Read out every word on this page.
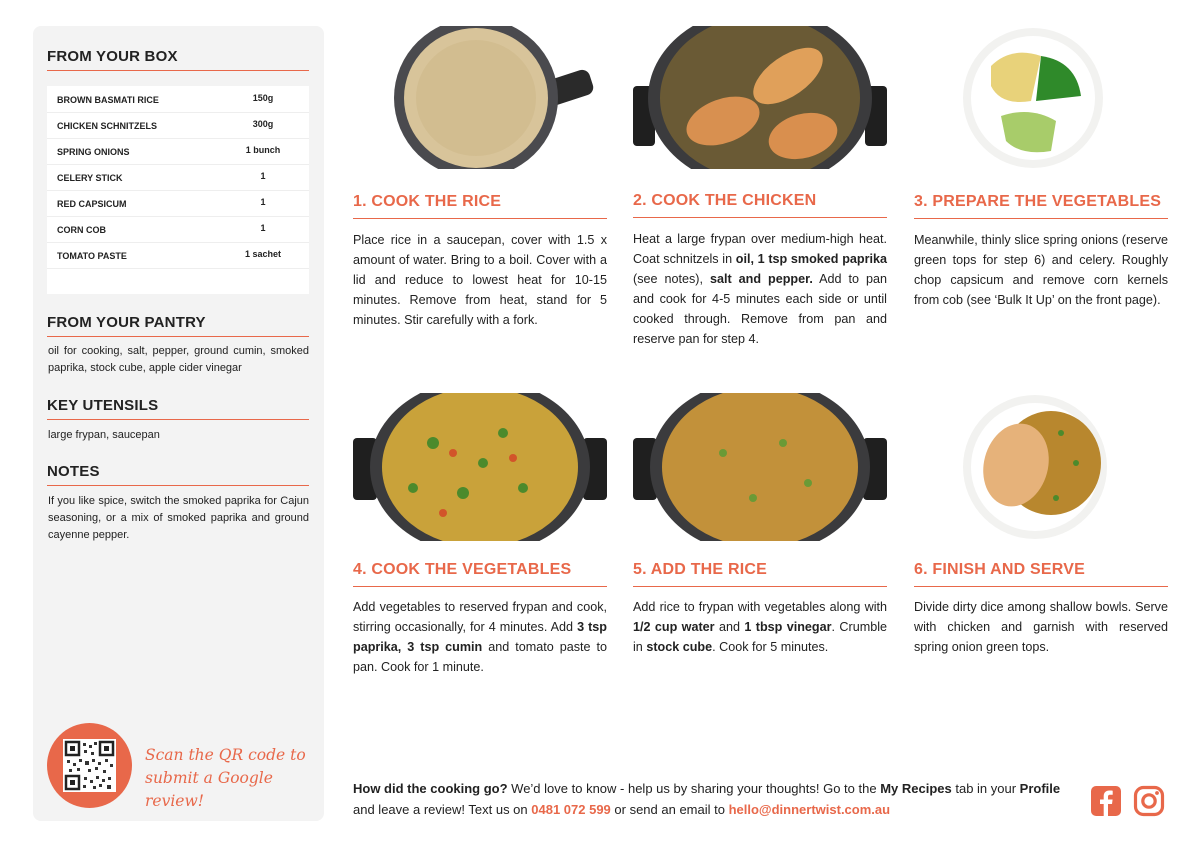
FROM YOUR BOX
BROWN BASMATI RICE	150g
CHICKEN SCHNITZELS	300g
SPRING ONIONS	1 bunch
CELERY STICK	1
RED CAPSICUM	1
CORN COB	1
TOMATO PASTE	1 sachet
FROM YOUR PANTRY
oil for cooking, salt, pepper, ground cumin, smoked paprika, stock cube, apple cider vinegar
KEY UTENSILS
large frypan, saucepan
NOTES
If you like spice, switch the smoked paprika for Cajun seasoning, or a mix of smoked paprika and ground cayenne pepper.
Scan the QR code to
submit a Google review!
1. COOK THE RICE

Place rice in a saucepan, cover with 1.5 x amount of water. Bring to a boil. Cover with a lid and reduce to lowest heat for 10-15 minutes. Remove from heat, stand for 5 minutes. Stir carefully with a fork.

2. COOK THE CHICKEN

Heat a large frypan over medium-high heat. Coat schnitzels in oil, 1 tsp smoked paprika (see notes), salt and pepper. Add to pan and cook for 4-5 minutes each side or until cooked through. Remove from pan and reserve pan for step 4.

3. PREPARE THE VEGETABLES

Meanwhile, thinly slice spring onions (reserve green tops for step 6) and celery. Roughly chop capsicum and remove corn kernels from cob (see ‘Bulk It Up’ on the front page).

4. COOK THE VEGETABLES

Add vegetables to reserved frypan and cook, stirring occasionally, for 4 minutes. Add 3 tsp paprika, 3 tsp cumin and tomato paste to pan. Cook for 1 minute.

5. ADD THE RICE

Add rice to frypan with vegetables along with 1/2 cup water and 1 tbsp vinegar. Crumble in stock cube. Cook for 5 minutes.

6. FINISH AND SERVE

Divide dirty dice among shallow bowls. Serve with chicken and garnish with reserved spring onion green tops.

How did the cooking go? We’d love to know - help us by sharing your thoughts! Go to the My Recipes tab in your Profile and leave a review! Text us on 0481 072 599 or send an email to hello@dinnertwist.com.au
